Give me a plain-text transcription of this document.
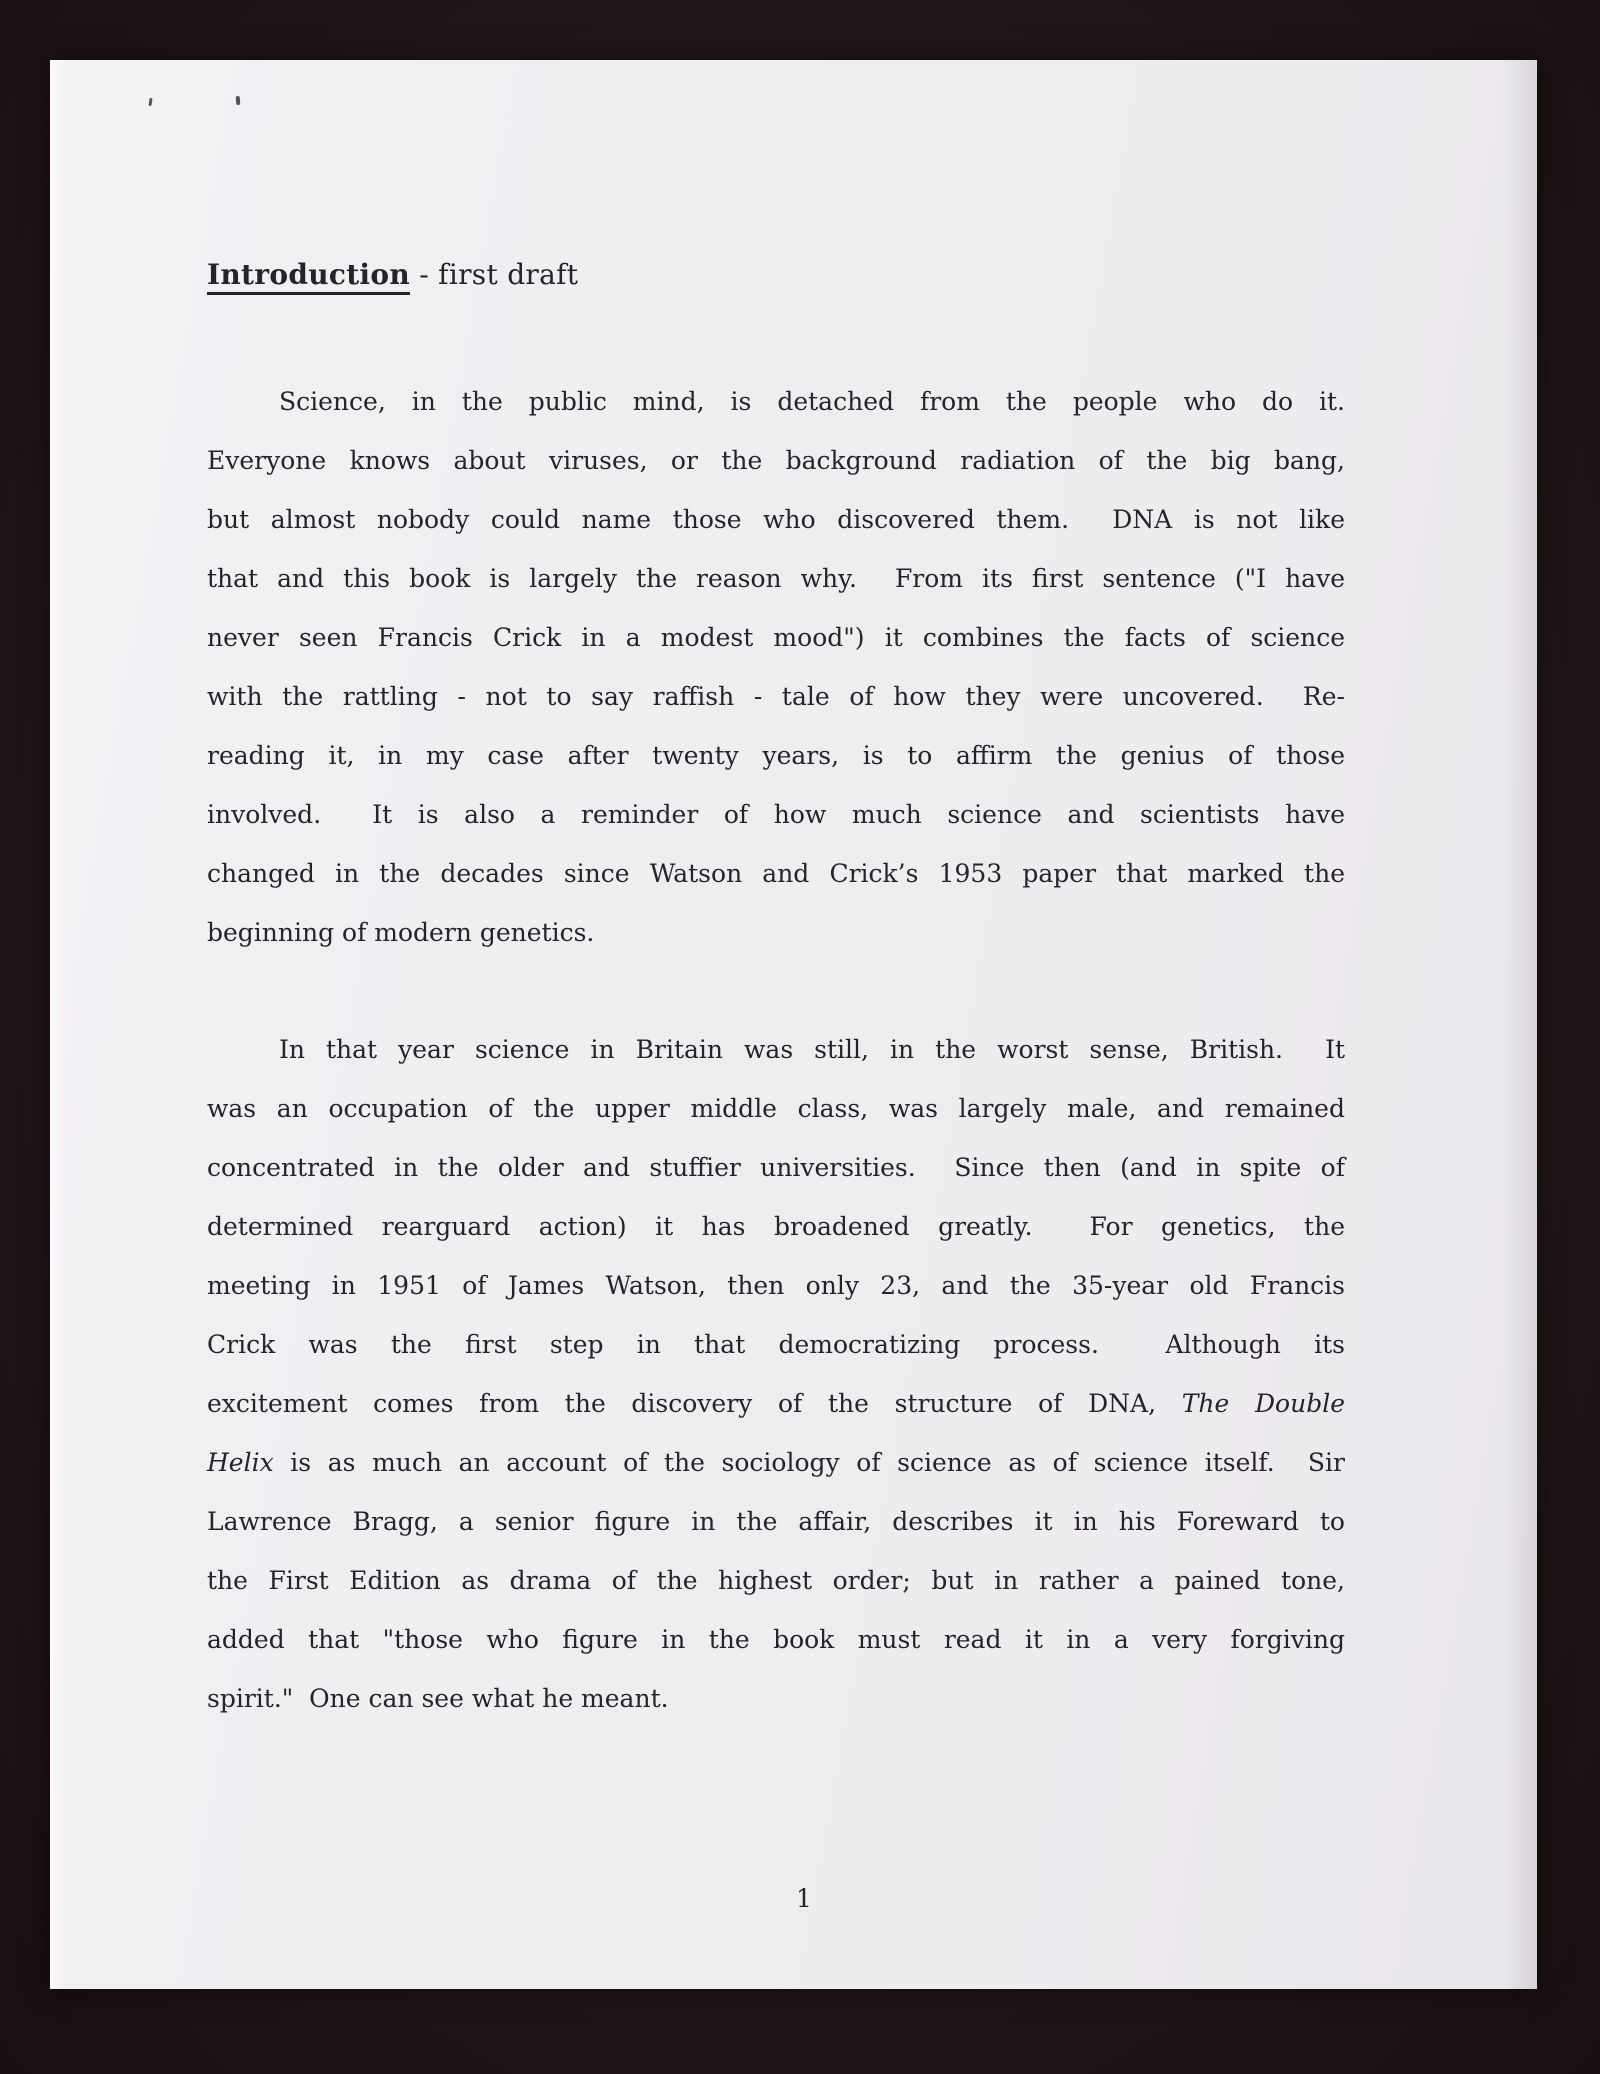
Introduction - first draft
Science, in the public mind, is detached from the people who do it.
Everyone knows about viruses, or the background radiation of the big bang,
but almost nobody could name those who discovered them.  DNA is not like
that and this book is largely the reason why.  From its first sentence ("I have
never seen Francis Crick in a modest mood") it combines the facts of science
with the rattling - not to say raffish - tale of how they were uncovered.  Re-
reading it, in my case after twenty years, is to affirm the genius of those
involved.  It is also a reminder of how much science and scientists have
changed in the decades since Watson and Crick’s 1953 paper that marked the
beginning of modern genetics.
In that year science in Britain was still, in the worst sense, British.  It
was an occupation of the upper middle class, was largely male, and remained
concentrated in the older and stuffier universities.  Since then (and in spite of
determined rearguard action) it has broadened greatly.  For genetics, the
meeting in 1951 of James Watson, then only 23, and the 35-year old Francis
Crick was the first step in that democratizing process.  Although its
excitement comes from the discovery of the structure of DNA, The Double
Helix is as much an account of the sociology of science as of science itself.  Sir
Lawrence Bragg, a senior figure in the affair, describes it in his Foreward to
the First Edition as drama of the highest order; but in rather a pained tone,
added that "those who figure in the book must read it in a very forgiving
spirit."  One can see what he meant.
1
